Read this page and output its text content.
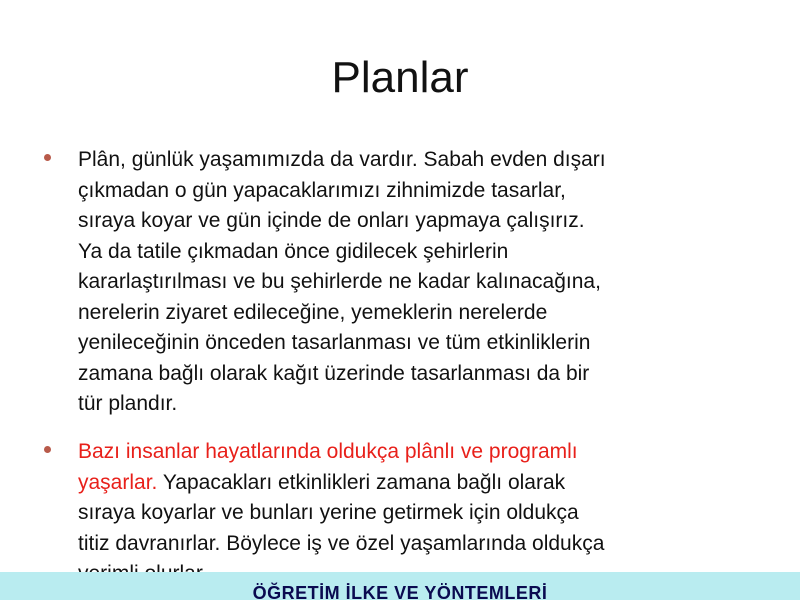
Planlar
Plân, günlük yaşamımızda da vardır. Sabah evden dışarı
çıkmadan o gün yapacaklarımızı zihnimizde tasarlar,
sıraya koyar ve gün içinde de onları yapmaya çalışırız.
Ya da tatile çıkmadan önce gidilecek şehirlerin
kararlaştırılması ve bu şehirlerde ne kadar kalınacağına,
nerelerin ziyaret edileceğine, yemeklerin nerelerde
yenileceğinin önceden tasarlanması ve tüm etkinliklerin
zamana bağlı olarak kağıt üzerinde tasarlanması da bir
tür plandır.
Bazı insanlar hayatlarında oldukça plânlı ve programlı
yaşarlar. Yapacakları etkinlikleri zamana bağlı olarak
sıraya koyarlar ve bunları yerine getirmek için oldukça
titiz davranırlar. Böylece iş ve özel yaşamlarında oldukça
ÖĞRETİM İLKE VE YÖNTEMLERİ
